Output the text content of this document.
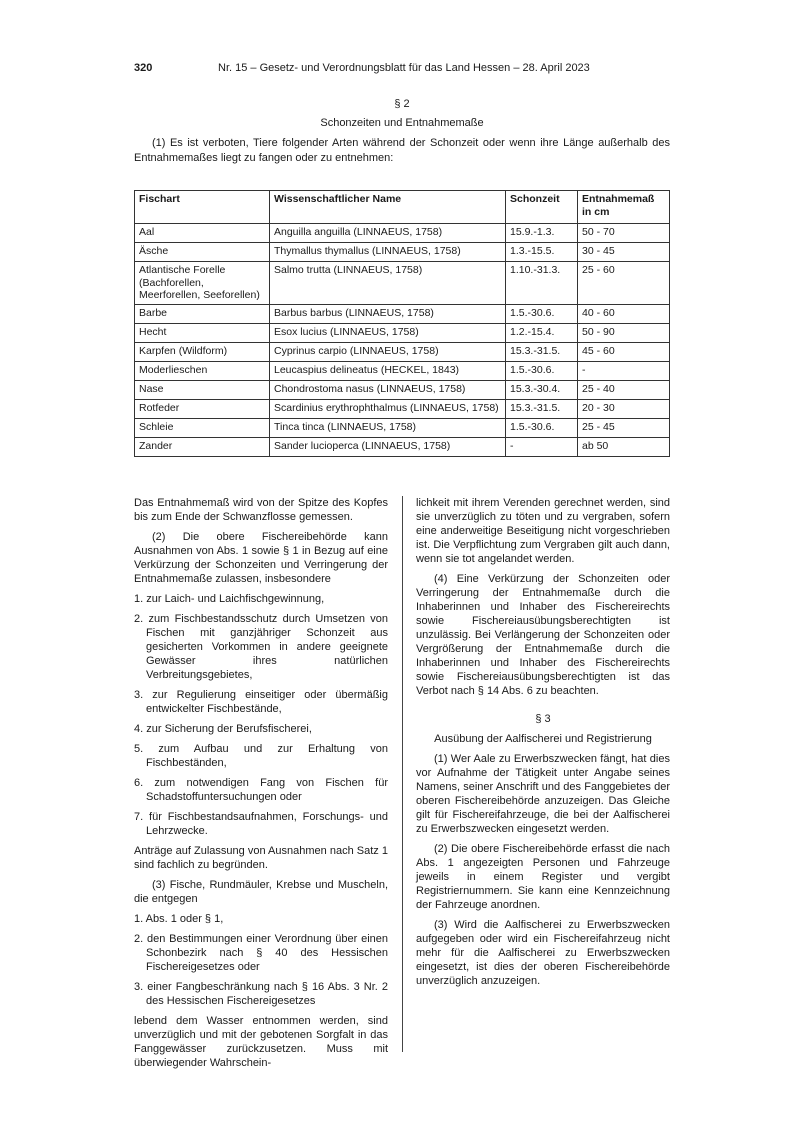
320	Nr. 15 – Gesetz- und Verordnungsblatt für das Land Hessen – 28. April 2023
§ 2
Schonzeiten und Entnahmemaße
(1) Es ist verboten, Tiere folgender Arten während der Schonzeit oder wenn ihre Länge außerhalb des Entnahmemaßes liegt zu fangen oder zu entnehmen:
Fischart	Wissenschaftlicher Name	Schonzeit	Entnahmemaß in cm
Aal	Anguilla anguilla (LINNAEUS, 1758)	15.9.-1.3.	50 - 70
Äsche	Thymallus thymallus (LINNAEUS, 1758)	1.3.-15.5.	30 - 45
Atlantische Forelle (Bachforellen, Meerforellen, Seeforellen)	Salmo trutta (LINNAEUS, 1758)	1.10.-31.3.	25 - 60
Barbe	Barbus barbus (LINNAEUS, 1758)	1.5.-30.6.	40 - 60
Hecht	Esox lucius (LINNAEUS, 1758)	1.2.-15.4.	50 - 90
Karpfen (Wildform)	Cyprinus carpio (LINNAEUS, 1758)	15.3.-31.5.	45 - 60
Moderlieschen	Leucaspius delineatus (HECKEL, 1843)	1.5.-30.6.	-
Nase	Chondrostoma nasus (LINNAEUS, 1758)	15.3.-30.4.	25 - 40
Rotfeder	Scardinius erythrophthalmus (LINNAEUS, 1758)	15.3.-31.5.	20 - 30
Schleie	Tinca tinca (LINNAEUS, 1758)	1.5.-30.6.	25 - 45
Zander	Sander lucioperca (LINNAEUS, 1758)	-	ab 50

Das Entnahmemaß wird von der Spitze des Kopfes bis zum Ende der Schwanzflosse gemessen.

(2) Die obere Fischereibehörde kann Ausnahmen von Abs. 1 sowie § 1 in Bezug auf eine Verkürzung der Schonzeiten und Verringerung der Entnahmemaße zulassen, insbesondere

1. zur Laich- und Laichfischgewinnung,
2. zum Fischbestandsschutz durch Umsetzen von Fischen mit ganzjähriger Schonzeit aus gesicherten Vorkommen in andere geeignete Gewässer ihres natürlichen Verbreitungsgebietes,
3. zur Regulierung einseitiger oder übermäßig entwickelter Fischbestände,
4. zur Sicherung der Berufsfischerei,
5. zum Aufbau und zur Erhaltung von Fischbeständen,
6. zum notwendigen Fang von Fischen für Schadstoffuntersuchungen oder
7. für Fischbestandsaufnahmen, Forschungs- und Lehrzwecke.

Anträge auf Zulassung von Ausnahmen nach Satz 1 sind fachlich zu begründen.

(3) Fische, Rundmäuler, Krebse und Muscheln, die entgegen

1. Abs. 1 oder § 1,
2. den Bestimmungen einer Verordnung über einen Schonbezirk nach § 40 des Hessischen Fischereigesetzes oder
3. einer Fangbeschränkung nach § 16 Abs. 3 Nr. 2 des Hessischen Fischereigesetzes

lebend dem Wasser entnommen werden, sind unverzüglich und mit der gebotenen Sorgfalt in das Fanggewässer zurückzusetzen. Muss mit überwiegender Wahrschein-

lichkeit mit ihrem Verenden gerechnet werden, sind sie unverzüglich zu töten und zu vergraben, sofern eine anderweitige Beseitigung nicht vorgeschrieben ist. Die Verpflichtung zum Vergraben gilt auch dann, wenn sie tot angelandet werden.

(4) Eine Verkürzung der Schonzeiten oder Verringerung der Entnahmemaße durch die Inhaberinnen und Inhaber des Fischereirechts sowie Fischereiausübungsberechtigten ist unzulässig. Bei Verlängerung der Schonzeiten oder Vergrößerung der Entnahmemaße durch die Inhaberinnen und Inhaber des Fischereirechts sowie Fischereiausübungsberechtigten ist das Verbot nach § 14 Abs. 6 zu beachten.

§ 3

Ausübung der Aalfischerei und Registrierung

(1) Wer Aale zu Erwerbszwecken fängt, hat dies vor Aufnahme der Tätigkeit unter Angabe seines Namens, seiner Anschrift und des Fanggebietes der oberen Fischereibehörde anzuzeigen. Das Gleiche gilt für Fischereifahrzeuge, die bei der Aalfischerei zu Erwerbszwecken eingesetzt werden.

(2) Die obere Fischereibehörde erfasst die nach Abs. 1 angezeigten Personen und Fahrzeuge jeweils in einem Register und vergibt Registriernummern. Sie kann eine Kennzeichnung der Fahrzeuge anordnen.

(3) Wird die Aalfischerei zu Erwerbszwecken aufgegeben oder wird ein Fischereifahrzeug nicht mehr für die Aalfischerei zu Erwerbszwecken eingesetzt, ist dies der oberen Fischereibehörde unverzüglich anzuzeigen.
